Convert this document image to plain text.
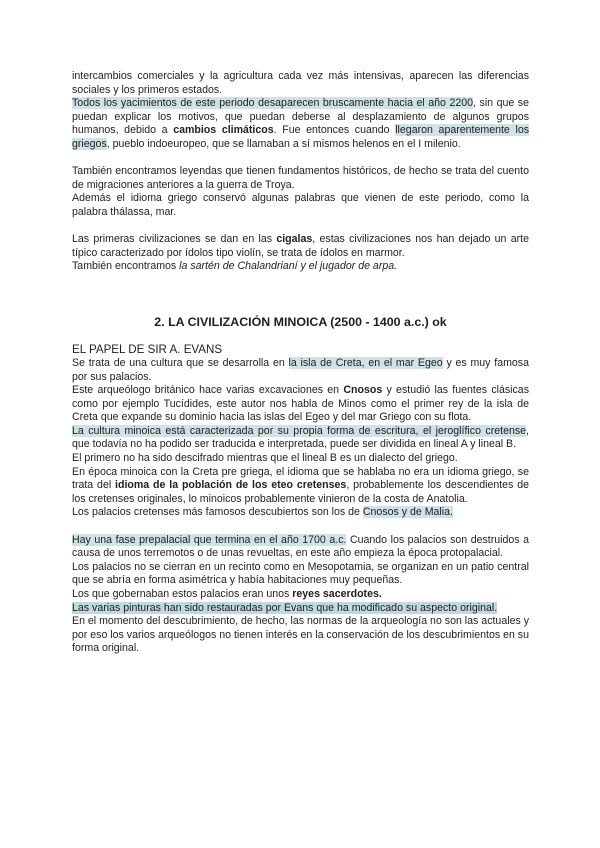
intercambios comerciales y la agricultura cada vez más intensivas, aparecen las diferencias sociales y los primeros estados.

Todos los yacimientos de este periodo desaparecen bruscamente hacia el año 2200, sin que se puedan explicar los motivos, que puedan deberse al desplazamiento de algunos grupos humanos, debido a cambios climáticos. Fue entonces cuando llegaron aparentemente los griegos, pueblo indoeuropeo, que se llamaban a sí mismos helenos en el I milenio.

También encontramos leyendas que tienen fundamentos históricos, de hecho se trata del cuento de migraciones anteriores a la guerra de Troya.

Además el idioma griego conservó algunas palabras que vienen de este periodo, como la palabra thálassa, mar.

Las primeras civilizaciones se dan en las cigalas, estas civilizaciones nos han dejado un arte típico caracterizado por ídolos tipo violín, se trata de ídolos en marmor.

También encontramos la sartén de Chalandrianí y el jugador de arpa.

2. LA CIVILIZACIÓN MINOICA (2500 - 1400 a.c.) ok

EL PAPEL DE SIR A. EVANS

Se trata de una cultura que se desarrolla en la isla de Creta, en el mar Egeo y es muy famosa por sus palacios.

Este arqueólogo británico hace varias excavaciones en Cnosos y estudió las fuentes clásicas como por ejemplo Tucídides, este autor nos habla de Minos como el primer rey de la isla de Creta que expande su dominio hacia las islas del Egeo y del mar Griego con su flota.

La cultura minoica está caracterizada por su propia forma de escritura, el jeroglífico cretense, que todavía no ha podido ser traducida e interpretada, puede ser dividida en lineal A y lineal B.

El primero no ha sido descifrado mientras que el lineal B es un dialecto del griego.

En época minoica con la Creta pre griega, el idioma que se hablaba no era un idioma griego, se trata del idioma de la población de los eteo cretenses, probablemente los descendientes de los cretenses originales, lo minoicos probablemente vinieron de la costa de Anatolia.

Los palacios cretenses más famosos descubiertos son los de Cnosos y de Malia.

Hay una fase prepalacial que termina en el año 1700 a.c. Cuando los palacios son destruidos a causa de unos terremotos o de unas revueltas, en este año empieza la época protopalacial.

Los palacios no se cierran en un recinto como en Mesopotamia, se organizan en un patio central que se abría en forma asimétrica y había habitaciones muy pequeñas.

Los que gobernaban estos palacios eran unos reyes sacerdotes.

Las varias pinturas han sido restauradas por Evans que ha modificado su aspecto original.

En el momento del descubrimiento, de hecho, las normas de la arqueología no son las actuales y por eso los varios arqueólogos no tienen interés en la conservación de los descubrimientos en su forma original.
